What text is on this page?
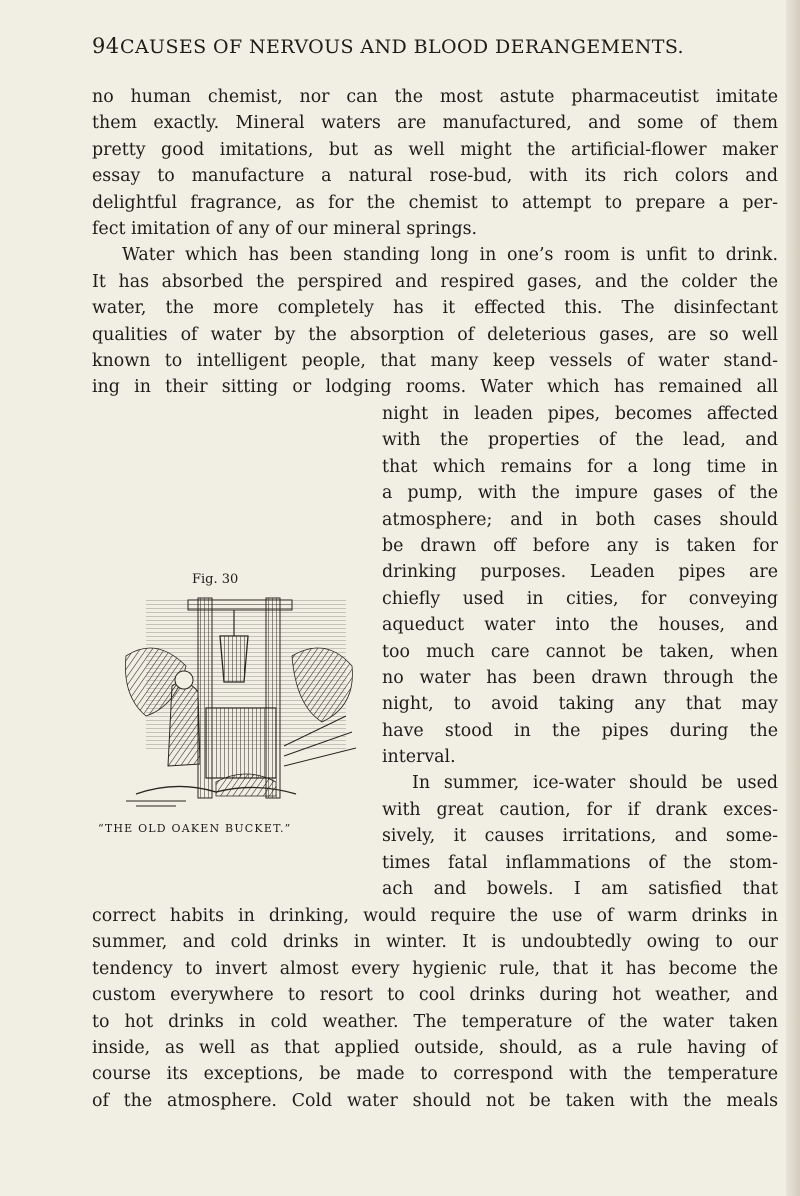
94 CAUSES OF NERVOUS AND BLOOD DERANGEMENTS.
no human chemist, nor can the most astute pharmaceutist imitate
them exactly. Mineral waters are manufactured, and some of them
pretty good imitations, but as well might the artificial-flower maker
essay to manufacture a natural rose-bud, with its rich colors and
delightful fragrance, as for the chemist to attempt to prepare a per-
fect imitation of any of our mineral springs.
Water which has been standing long in one’s room is unfit to drink.
It has absorbed the perspired and respired gases, and the colder the
water, the more completely has it effected this. The disinfectant
qualities of water by the absorption of deleterious gases, are so well
known to intelligent people, that many keep vessels of water stand-
ing in their sitting or lodging rooms. Water which has remained all
Fig. 30
“THE OLD OAKEN BUCKET.”
night in leaden pipes, becomes affected
with the properties of the lead, and
that which remains for a long time in
a pump, with the impure gases of the
atmosphere; and in both cases should
be drawn off before any is taken for
drinking purposes. Leaden pipes are
chiefly used in cities, for conveying
aqueduct water into the houses, and
too much care cannot be taken, when
no water has been drawn through the
night, to avoid taking any that may
have stood in the pipes during the
interval.
In summer, ice-water should be used
with great caution, for if drank exces-
sively, it causes irritations, and some-
times fatal inflammations of the stom-
ach and bowels. I am satisfied that
correct habits in drinking, would require the use of warm drinks in
summer, and cold drinks in winter. It is undoubtedly owing to our
tendency to invert almost every hygienic rule, that it has become the
custom everywhere to resort to cool drinks during hot weather, and
to hot drinks in cold weather. The temperature of the water taken
inside, as well as that applied outside, should, as a rule having of
course its exceptions, be made to correspond with the temperature
of the atmosphere. Cold water should not be taken with the meals
